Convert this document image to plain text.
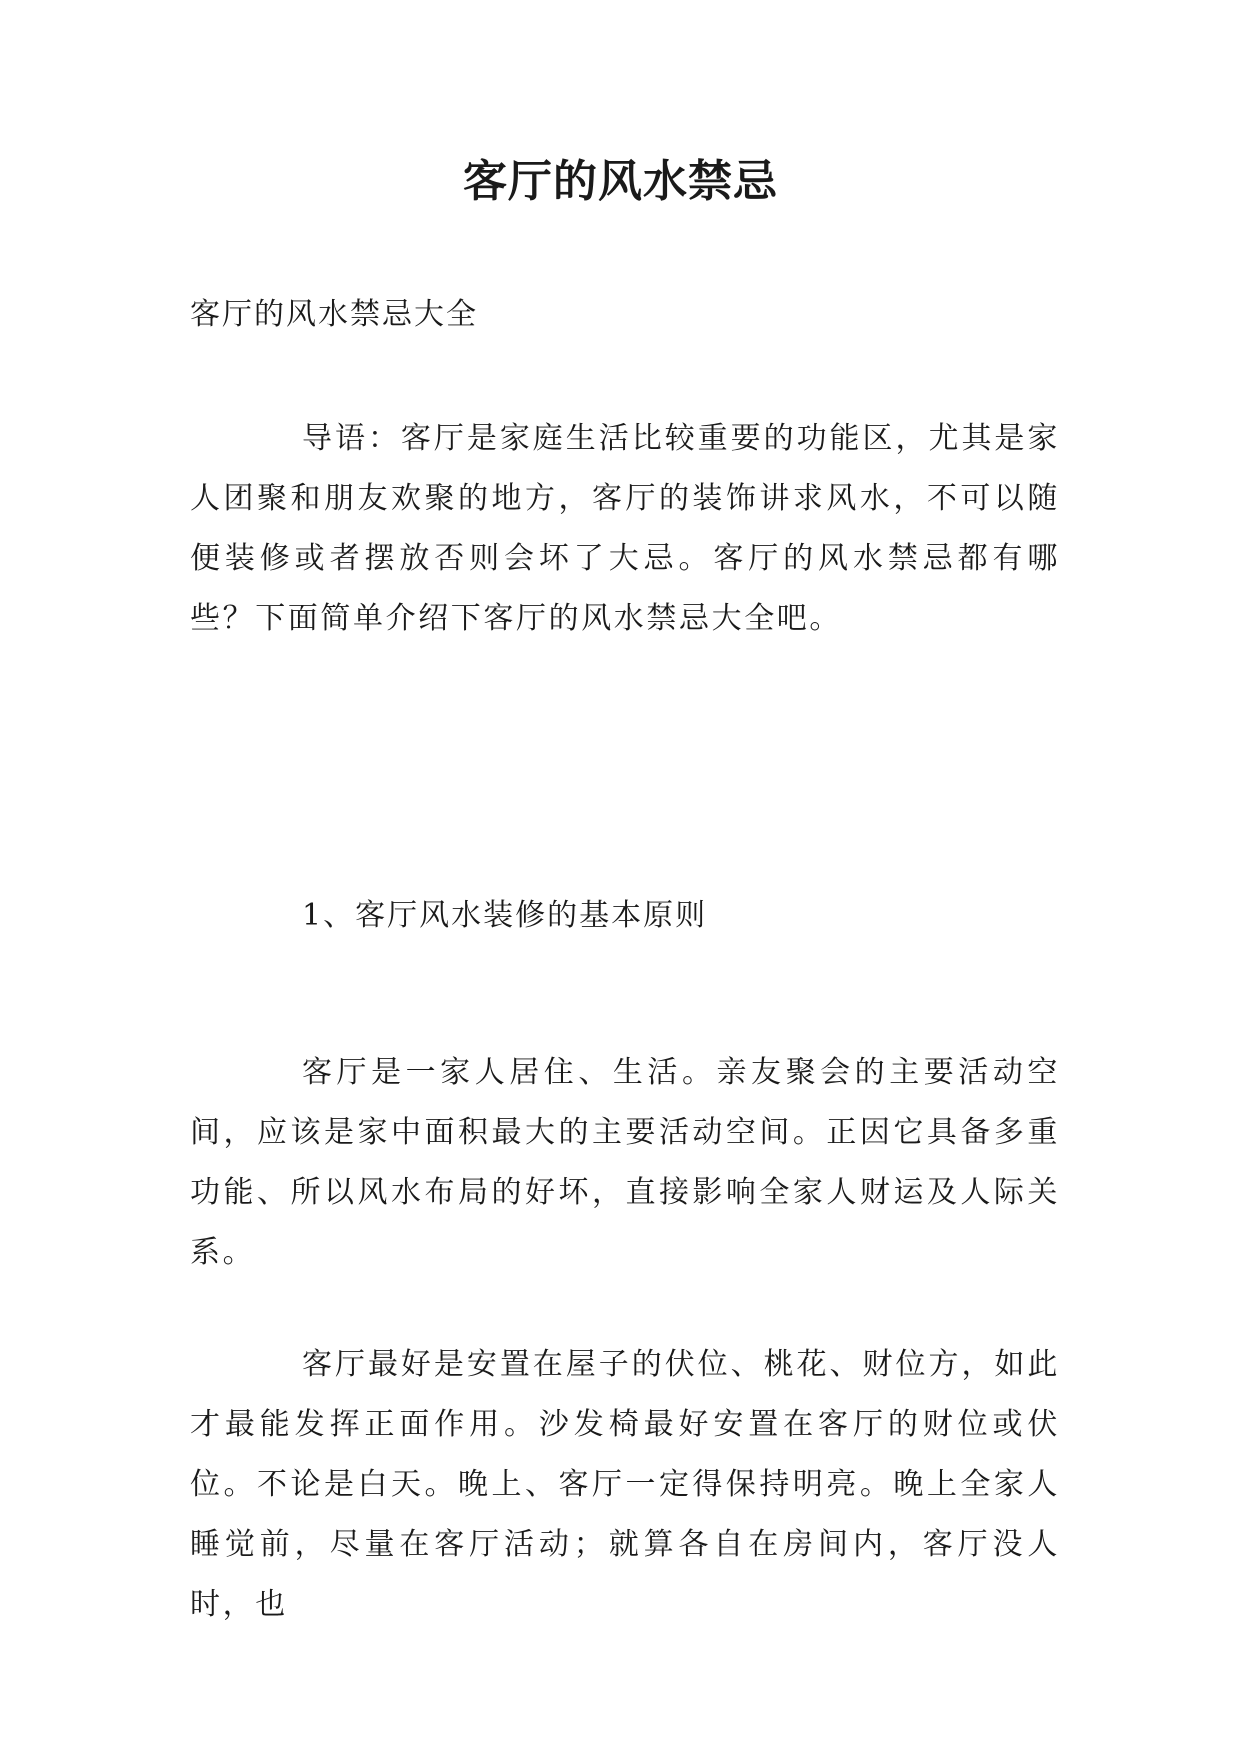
客厅的风水禁忌

客厅的风水禁忌大全

导语：客厅是家庭生活比较重要的功能区，尤其是家人团聚和朋友欢聚的地方，客厅的装饰讲求风水，不可以随便装修或者摆放否则会坏了大忌。客厅的风水禁忌都有哪些？下面简单介绍下客厅的风水禁忌大全吧。

1、客厅风水装修的基本原则

客厅是一家人居住、生活。亲友聚会的主要活动空间，应该是家中面积最大的主要活动空间。正因它具备多重功能、所以风水布局的好坏，直接影响全家人财运及人际关系。

客厅最好是安置在屋子的伏位、桃花、财位方，如此才最能发挥正面作用。沙发椅最好安置在客厅的财位或伏位。不论是白天。晚上、客厅一定得保持明亮。晚上全家人睡觉前，尽量在客厅活动；就算各自在房间内，客厅没人时，也
